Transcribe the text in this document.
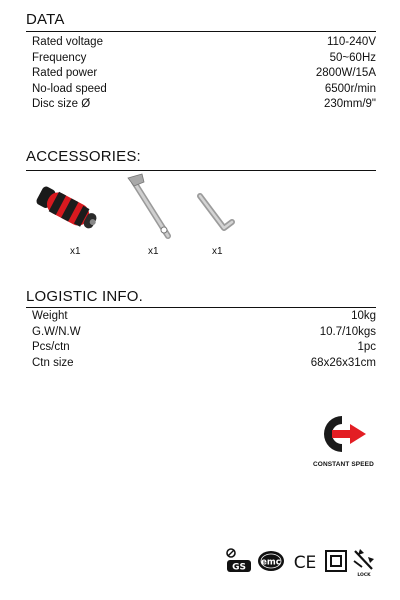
DATA
Rated voltage	110-240V
Frequency	50~60Hz
Rated power	2800W/15A
No-load speed	6500r/min
Disc size Ø	230mm/9"
ACCESSORIES:
x1	x1	x1
LOGISTIC INFO.
Weight	10kg
G.W/N.W	10.7/10kgs
Pcs/ctn	1pc
Ctn size	68x26x31cm
CONSTANT SPEED
GS emc CE
LOCK
